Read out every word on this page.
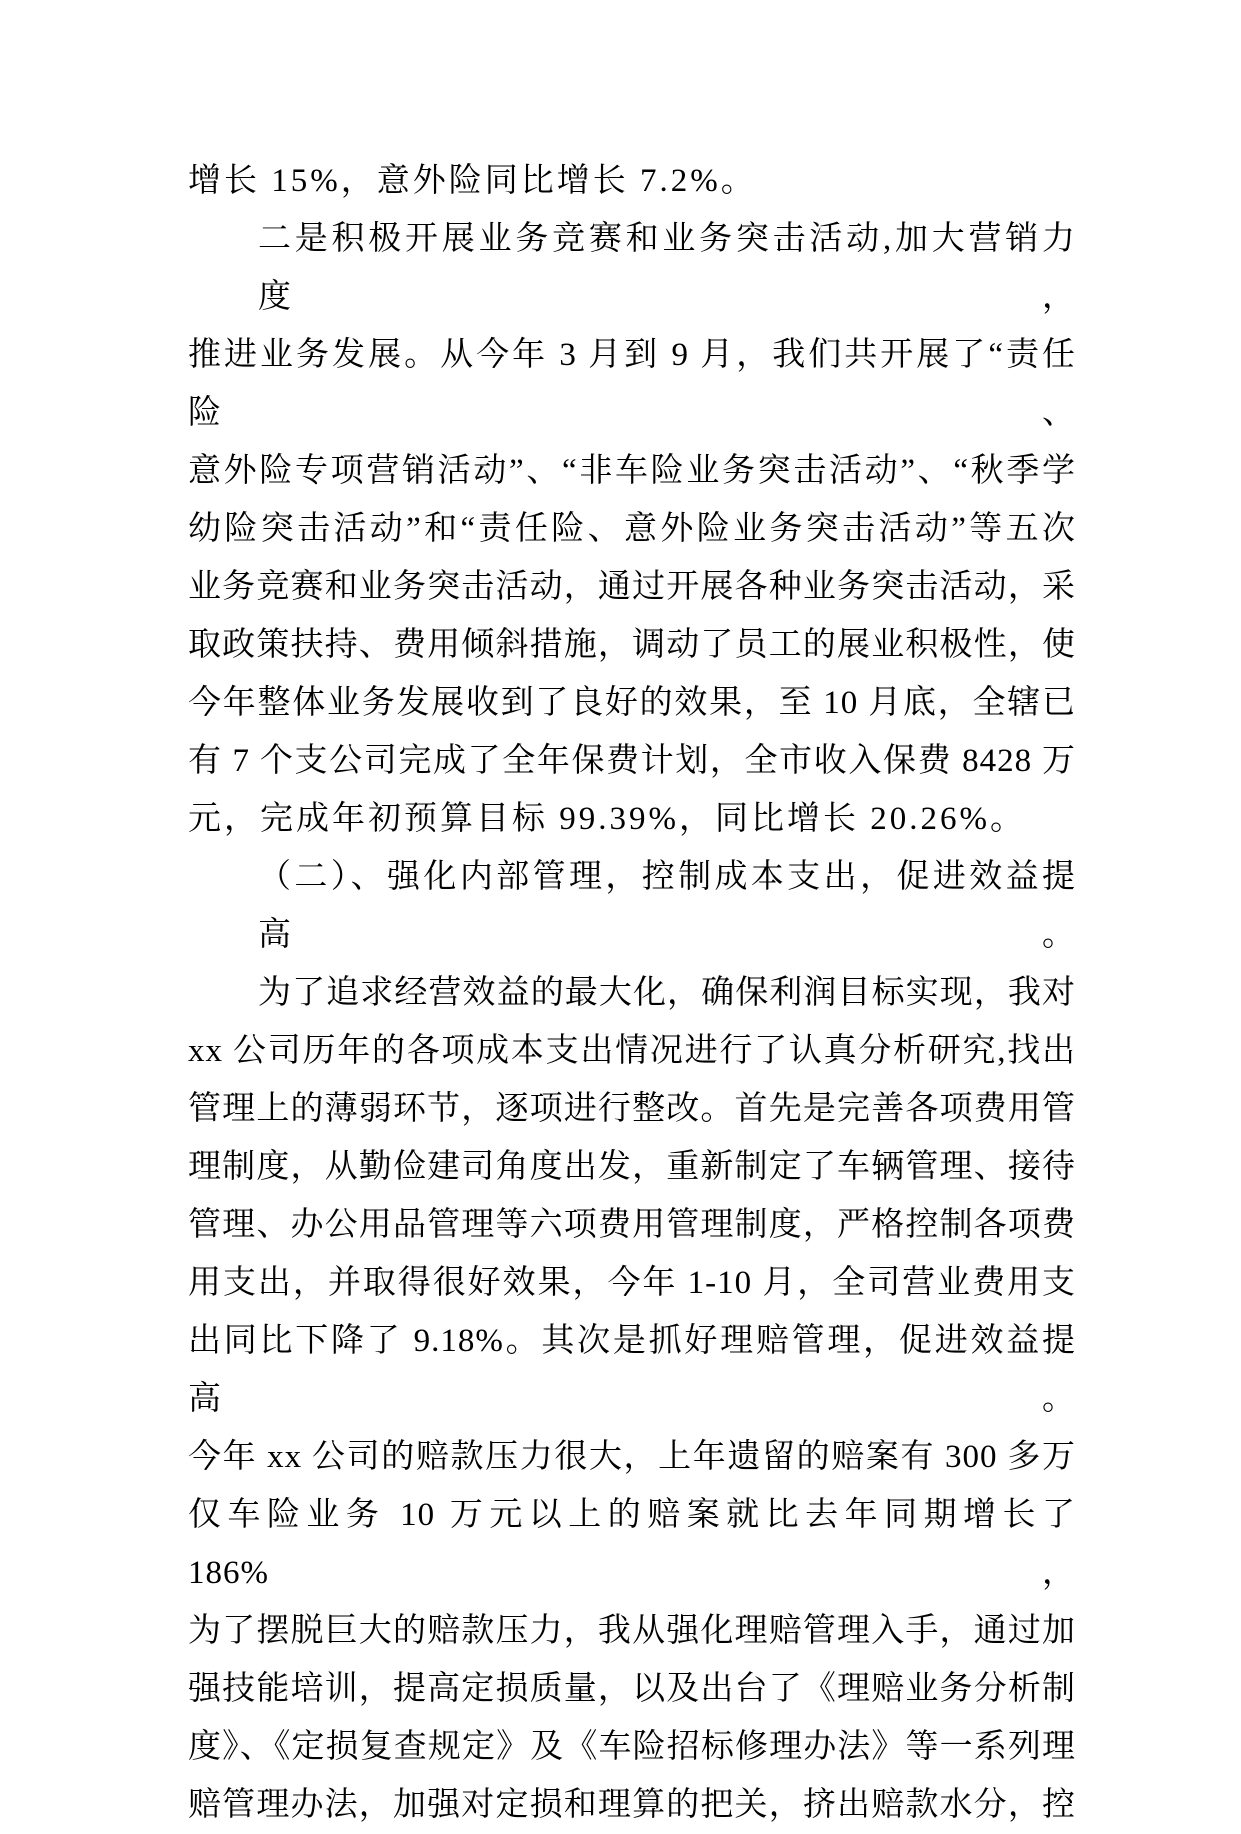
增长 15%，意外险同比增长 7.2%。
二是积极开展业务竞赛和业务突击活动,加大营销力度，
推进业务发展。从今年 3 月到 9 月，我们共开展了“责任险、
意外险专项营销活动”、“非车险业务突击活动”、“秋季学
幼险突击活动”和“责任险、意外险业务突击活动”等五次
业务竞赛和业务突击活动，通过开展各种业务突击活动，采
取政策扶持、费用倾斜措施，调动了员工的展业积极性，使
今年整体业务发展收到了良好的效果，至 10 月底，全辖已
有 7 个支公司完成了全年保费计划，全市收入保费 8428 万
元，完成年初预算目标 99.39%，同比增长 20.26%。
（二）、强化内部管理，控制成本支出，促进效益提高。
为了追求经营效益的最大化，确保利润目标实现，我对
xx 公司历年的各项成本支出情况进行了认真分析研究,找出
管理上的薄弱环节，逐项进行整改。首先是完善各项费用管
理制度，从勤俭建司角度出发，重新制定了车辆管理、接待
管理、办公用品管理等六项费用管理制度，严格控制各项费
用支出，并取得很好效果，今年 1-10 月，全司营业费用支
出同比下降了 9.18%。其次是抓好理赔管理，促进效益提高。
今年 xx 公司的赔款压力很大，上年遗留的赔案有 300 多万
仅车险业务 10 万元以上的赔案就比去年同期增长了 186%，
为了摆脱巨大的赔款压力，我从强化理赔管理入手，通过加
强技能培训，提高定损质量，以及出台了《理赔业务分析制
度》、《定损复查规定》及《车险招标修理办法》等一系列理
赔管理办法，加强对定损和理算的把关，挤出赔款水分，控
